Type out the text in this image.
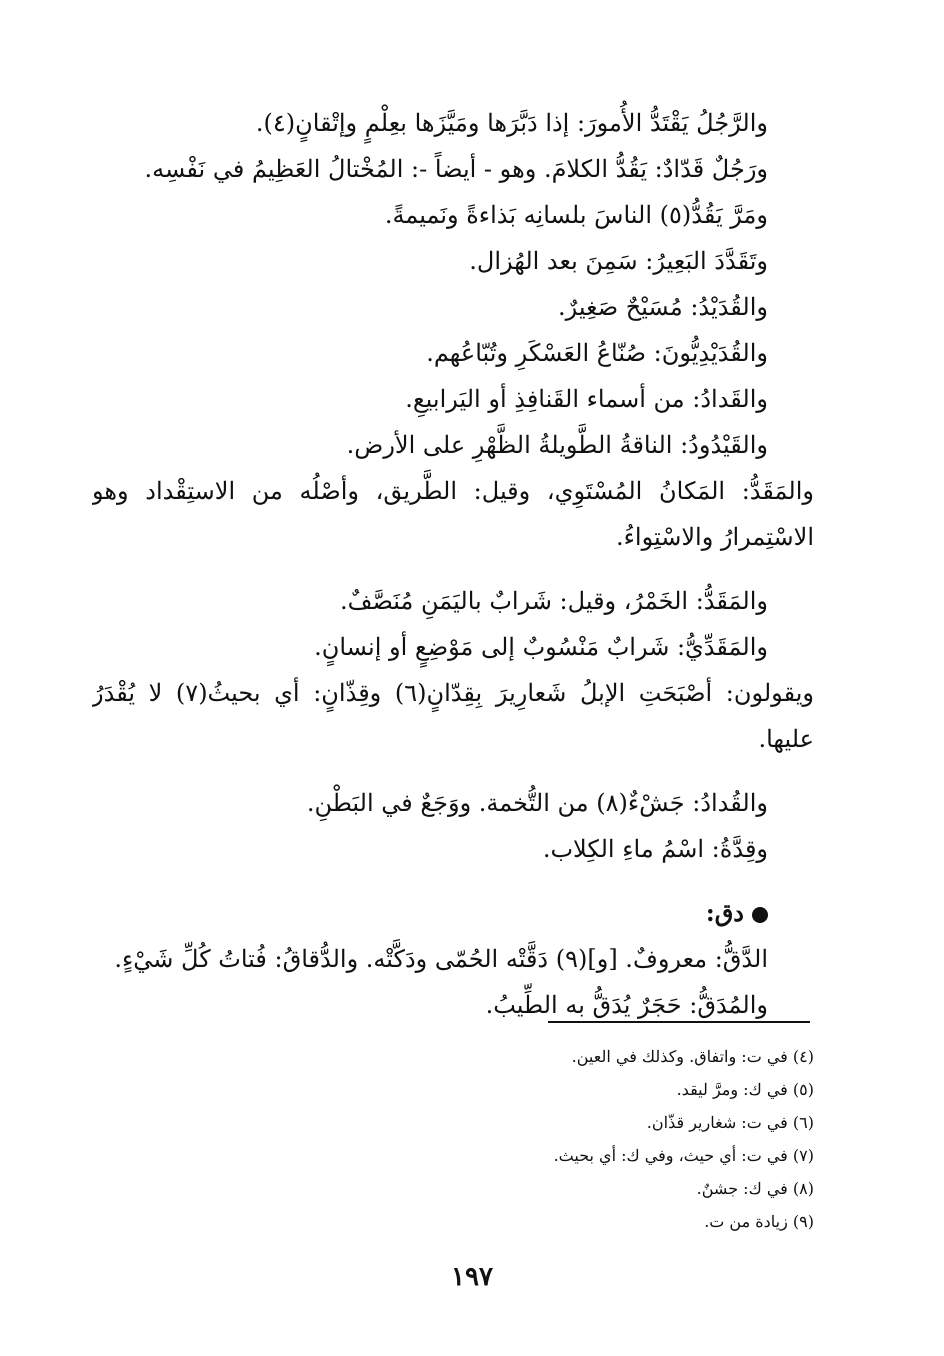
والرَّجُلُ يَقْتَدُّ الأُمورَ: إذا دَبَّرَها ومَيَّزَها بعِلْمٍ وإتْقانٍ(٤).
ورَجُلٌ قَدّادٌ: يَقُدُّ الكلامَ. وهو - أيضاً -: المُخْتالُ العَظِيمُ في نَفْسِه.
ومَرَّ يَقُدُّ(٥) الناسَ بلسانِه بَذاءةً ونَميمةً.
وتَقَدَّدَ البَعِيرُ: سَمِنَ بعد الهُزال.
والقُدَيْدُ: مُسَيْحٌ صَغِيرٌ.
والقُدَيْدِيُّونَ: صُنّاعُ العَسْكَرِ وتُبّاعُهم.
والقَدادُ: من أسماء القَنافِذِ أو اليَرابيعِ.
والقَيْدُودُ: الناقةُ الطَّويلةُ الظَّهْرِ على الأرض.
والمَقَدُّ: المَكانُ المُسْتَوِي، وقيل: الطَّريق، وأصْلُه من الاستِقْداد وهو
الاسْتِمرارُ والاسْتِواءُ.
والمَقَدُّ: الخَمْرُ، وقيل: شَرابٌ باليَمَنِ مُنَصَّفٌ.
والمَقَدِّيُّ: شَرابٌ مَنْسُوبٌ إلى مَوْضِعٍ أو إنسانٍ.
ويقولون: أصْبَحَتِ الإبلُ شَعارِيرَ بِقِدّانٍ(٦) وقِذّانٍ: أي بحيثُ(٧) لا يُقْدَرُ
عليها.
والقُدادُ: جَشْءٌ(٨) من التُّخمة. ووَجَعٌ في البَطْنِ.
وقِدَّةُ: اسْمُ ماءِ الكِلاب.
دق:
الدَّقُّ: معروفٌ. [و](٩) دَقَّتْه الحُمّى ودَكَّتْه. والدُّقاقُ: فُتاتُ كُلِّ شَيْءٍ.
والمُدَقُّ: حَجَرٌ يُدَقُّ به الطِّيبُ.
(٤) في ت: واتفاق. وكذلك في العين.
(٥) في ك: ومرَّ ليقد.
(٦) في ت: شغارير قذّان.
(٧) في ت: أي حيث، وفي ك: أي بحيث.
(٨) في ك: جشنٌ.
(٩) زيادة من ت.
١٩٧
